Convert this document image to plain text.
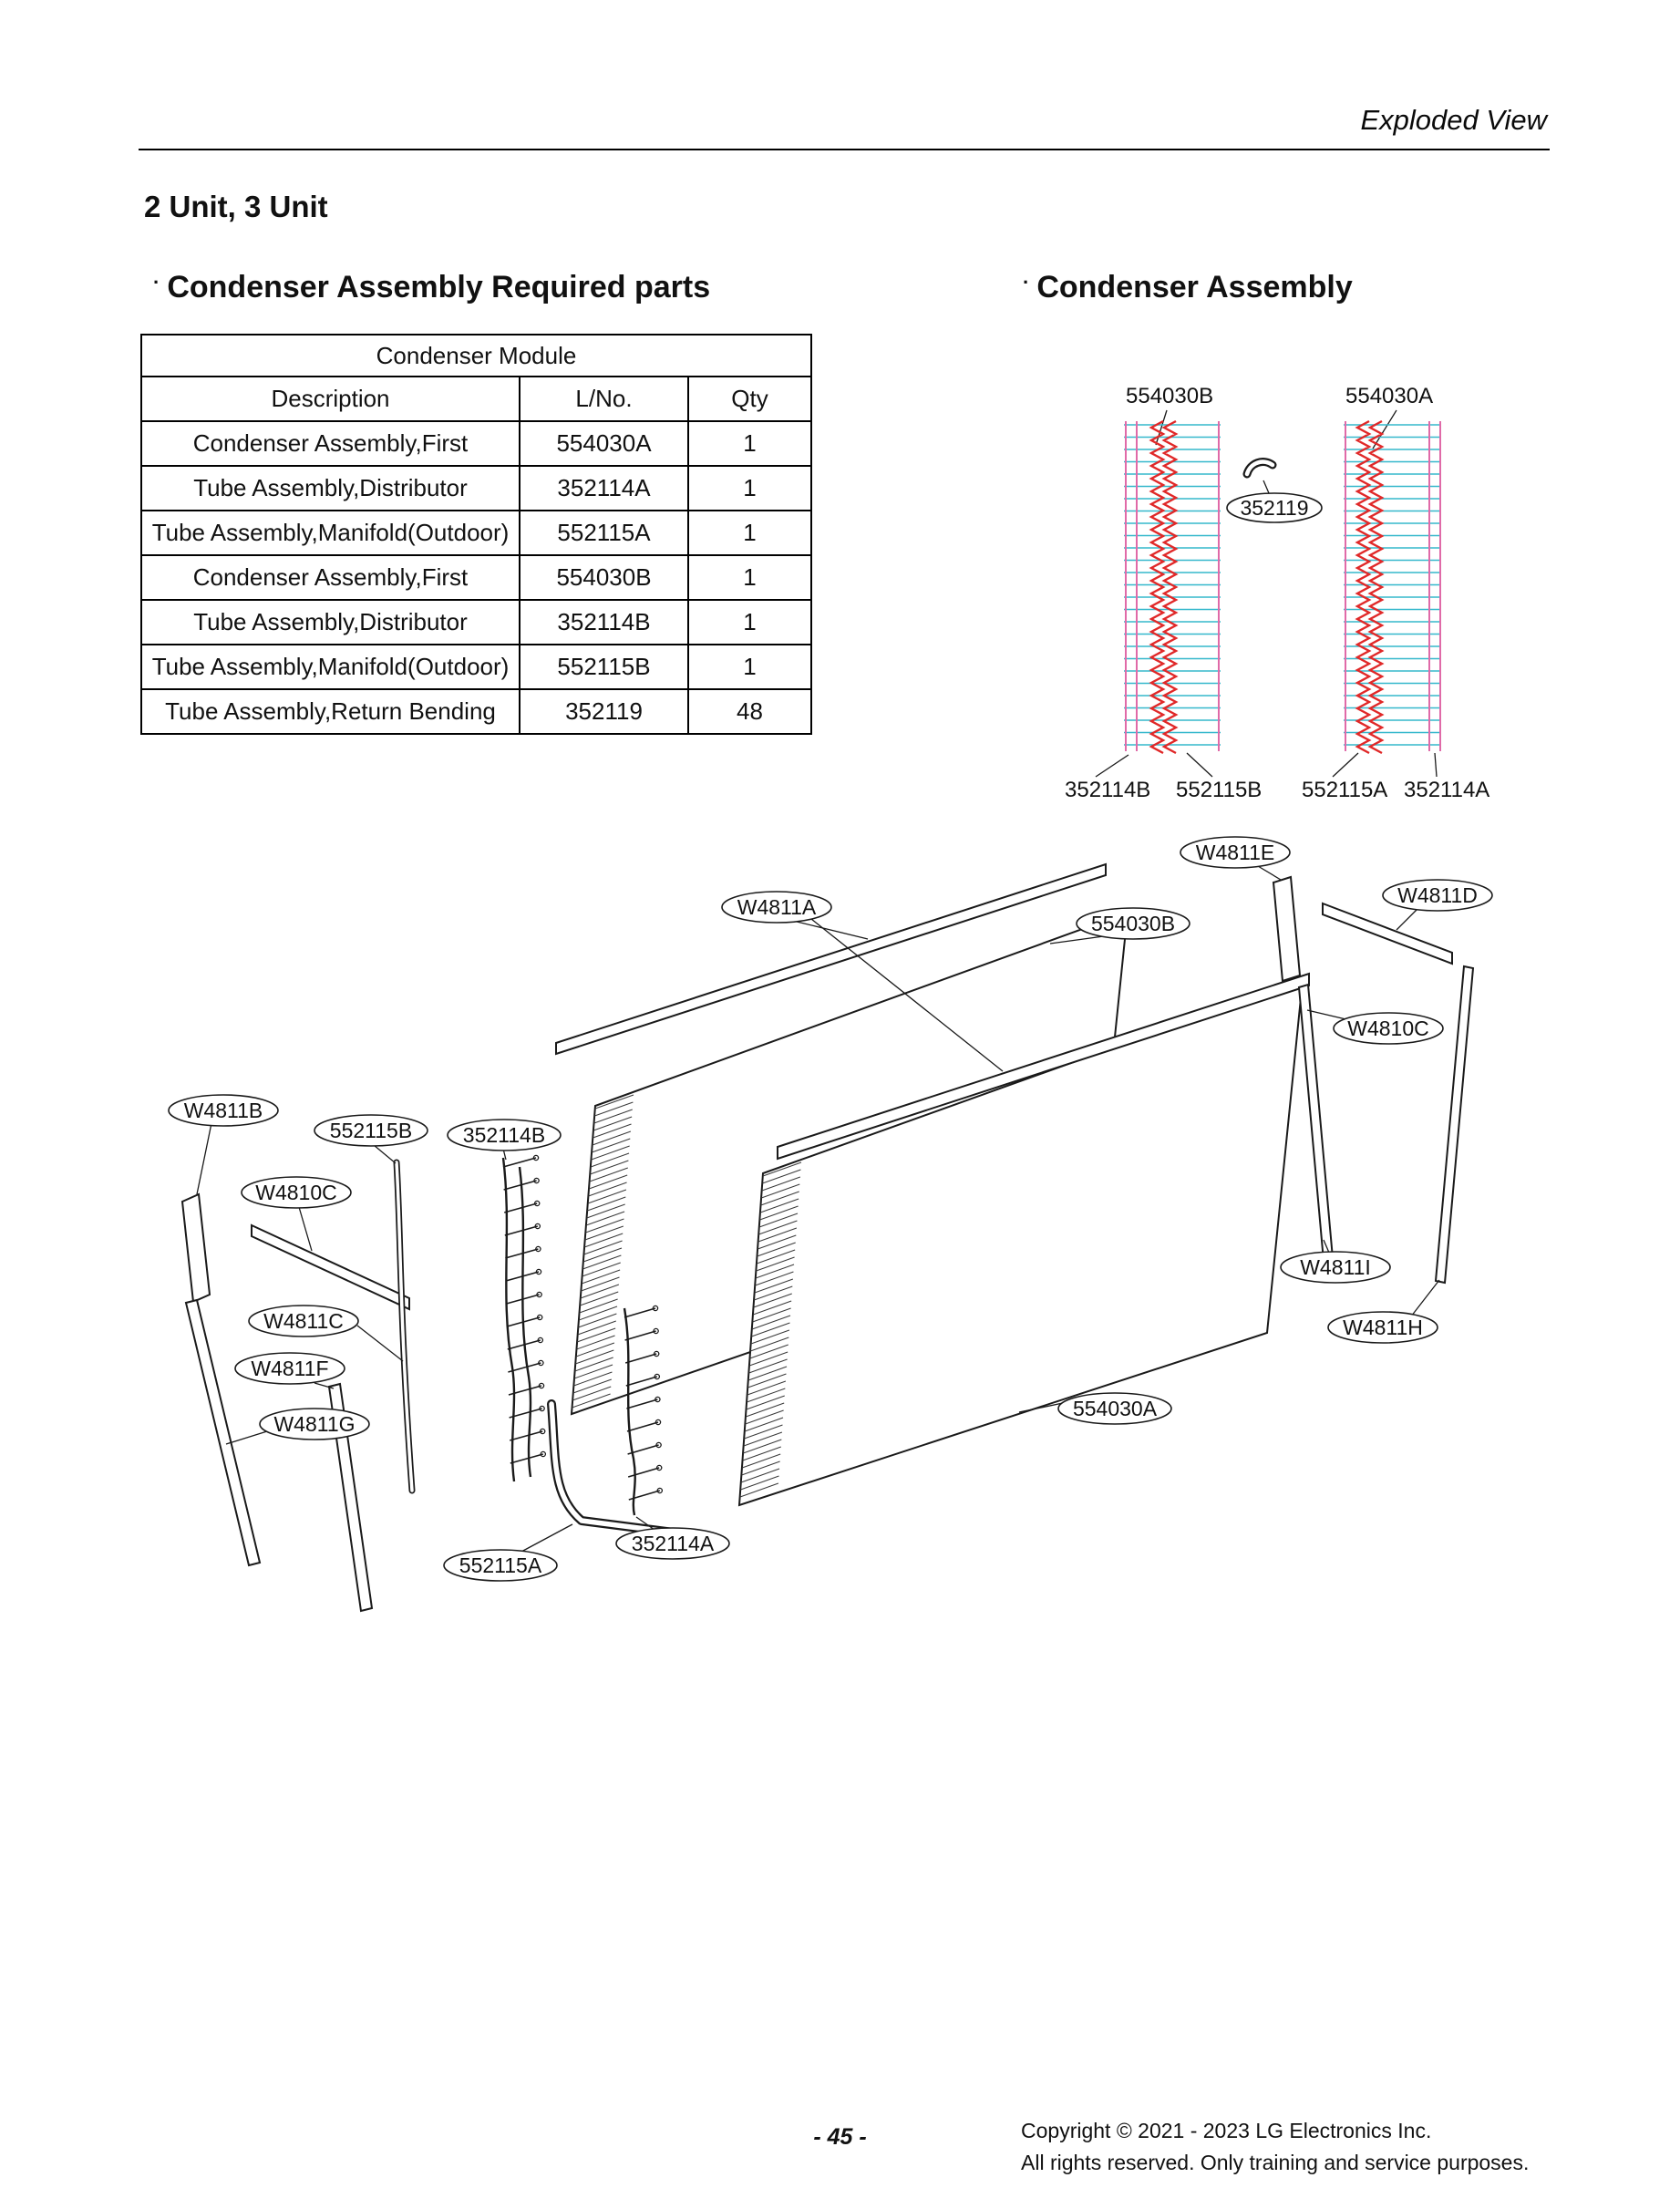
Exploded View
2 Unit, 3 Unit
· Condenser Assembly Required parts	· Condenser Assembly
Condenser Module		
Description	L/No.	Qty
Condenser Assembly,First	554030A	1
Tube Assembly,Distributor	352114A	1
Tube Assembly,Manifold(Outdoor)	552115A	1
Condenser Assembly,First	554030B	1
Tube Assembly,Distributor	352114B	1
Tube Assembly,Manifold(Outdoor)	552115B	1
Tube Assembly,Return Bending	352119	48
554030B	554030A
352119
352114B 552115B 552115A 352114A
W4811A
W4811E
W4811D
554030B
W4810C
W4811I
W4811H
554030A
W4811B
552115B 352114B
W4810C
W4811C
W4811F
W4811G
352114A
552115A
- 45 -	Copyright © 2021 - 2023 LG Electronics Inc.
All rights reserved. Only training and service purposes.
